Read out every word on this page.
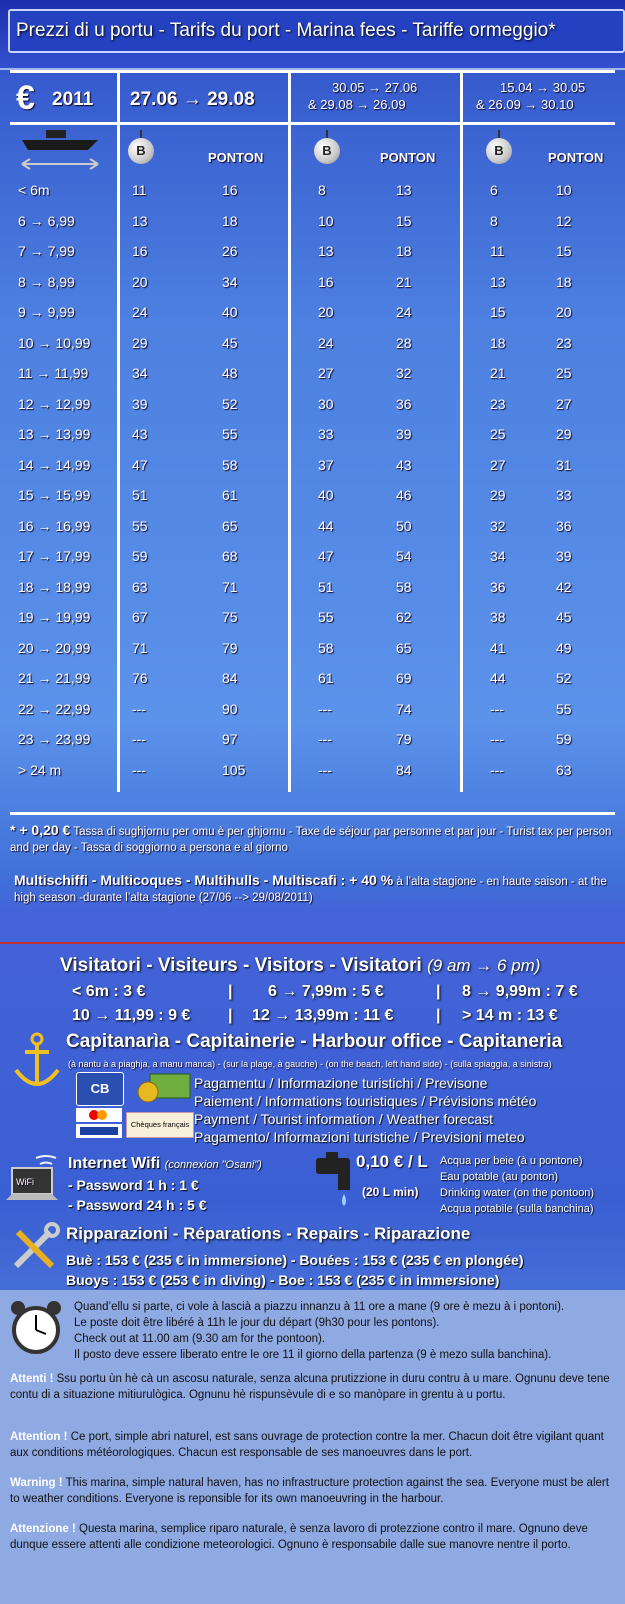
Prezzi di u portu - Tarifs du port - Marina fees - Tariffe ormeggio*
€ 2011 27.06 → 29.08
30.05 → 27.06
& 29.08 → 26.09
15.04 → 30.05
& 26.09 → 30.10
B	PONTON	B	PONTON	B	PONTON
< 6m	11	16	8	13	6	10
6 → 6,99	13	18	10	15	8	12
7 → 7,99	16	26	13	18	11	15
8 → 8,99	20	34	16	21	13	18
9 → 9,99	24	40	20	24	15	20
10 → 10,99	29	45	24	28	18	23
11 → 11,99	34	48	27	32	21	25
12 → 12,99	39	52	30	36	23	27
13 → 13,99	43	55	33	39	25	29
14 → 14,99	47	58	37	43	27	31
15 → 15,99	51	61	40	46	29	33
16 → 16,99	55	65	44	50	32	36
17 → 17,99	59	68	47	54	34	39
18 → 18,99	63	71	51	58	36	42
19 → 19,99	67	75	55	62	38	45
20 → 20,99	71	79	58	65	41	49
21 → 21,99	76	84	61	69	44	52
22 → 22,99	---	90	---	74	---	55
23 → 23,99	---	97	---	79	---	59
> 24 m	---	105	---	84	---	63
* + 0,20 € Tassa di sughjornu per omu è per ghjornu - Taxe de séjour par personne et par jour - Turist tax per person and per day - Tassa di soggiorno a persona e al giorno
Multischiffi - Multicoques - Multihulls - Multiscafi : + 40 % à l’alta stagione - en haute saison - at the high season -durante l’alta stagione (27/06 --> 29/08/2011)
Visitatori - Visiteurs - Visitors - Visitatori (9 am → 6 pm)
< 6m : 3 €	| 6 → 7,99m : 5 €	| 8 → 9,99m : 7 €
10 → 11,99 : 9 € | 12 → 13,99m : 11 €	| > 14 m : 13 €
Capitanarìa - Capitainerie - Harbour office - Capitaneria
(à nantu à a piaghja, a manu manca) - (sur la plage, à gauche) - (on the beach, left hand side) - (sulla spiaggia, a sinistra)
CB
Chèques français
Pagamentu / Informazione turistichi / Previsone
Paiement / Informations touristiques / Prévisions météo
Payment / Tourist information / Weather forecast
Pagamento/ Informazioni turistiche / Previsioni meteo
WiFi
Internet Wifi (connexion "Osani")
- Password 1 h : 1 €
- Password 24 h : 5 €
0,10 € / L
(20 L min)
Acqua per beie (à u pontone)
Eau potable (au ponton)
Drinking water (on the pontoon)
Acqua potabile (sulla banchina)
Ripparazioni - Réparations - Repairs - Riparazione
Buè : 153 € (235 € in immersione) - Bouées : 153 € (235 € en plongée)
Buoys : 153 € (253 € in diving) - Boe : 153 € (235 € in immersione)

Quand’ellu si parte, ci vole à lascià a piazzu innanzu à 11 ore a mane (9 ore è mezu à i pontoni).

Le poste doit être libéré à 11h le jour du départ (9h30 pour les pontons).

Check out at 11.00 am (9.30 am for the pontoon).

Il posto deve essere liberato entre le ore 11 il giorno della partenza (9 è mezo sulla banchina).

Attenti ! Ssu portu ùn hè cà un ascosu naturale, senza alcuna prutizzione in duru contru à u mare. Ognunu deve tene contu di a situazione mitiurulògica. Ognunu hè rispunsèvule di e so manòpare in grentu à u portu.

Attention ! Ce port, simple abri naturel, est sans ouvrage de protection contre la mer. Chacun doit être vigilant quant aux conditions météorologiques. Chacun est responsable de ses manoeuvres dans le port.

Warning ! This marina, simple natural haven, has no infrastructure protection against the sea. Everyone must be alert to weather conditions. Everyone is reponsible for its own manoeuvring in the harbour.

Attenzione ! Questa marina, semplice riparo naturale, è senza lavoro di protezzione contro il mare. Ognuno deve dunque essere attenti alle condizione meteorologici. Ognuno è responsabile dalle sue manovre nentre il porto.
